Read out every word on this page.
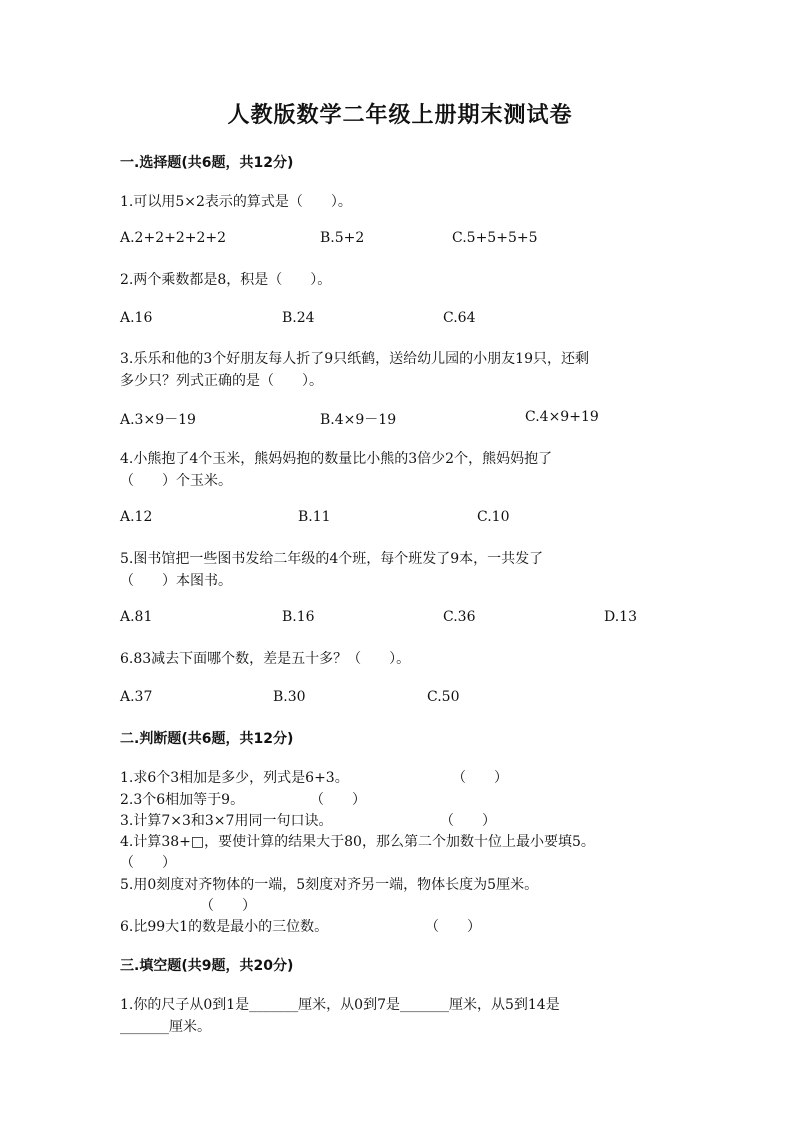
人教版数学二年级上册期末测试卷
一.选择题(共6题，共12分)
1.可以用5×2表示的算式是（　　）。
A.2+2+2+2+2	B.5+2	C.5+5+5+5
2.两个乘数都是8，积是（　　）。
A.16	B.24	C.64
3.乐乐和他的3个好朋友每人折了9只纸鹤，送给幼儿园的小朋友19只，还剩
多少只？列式正确的是（　　）。
A.3×9－19	B.4×9－19	C.4×9+19
4.小熊抱了4个玉米，熊妈妈抱的数量比小熊的3倍少2个，熊妈妈抱了
（　　）个玉米。
A.12	B.11	C.10
5.图书馆把一些图书发给二年级的4个班，每个班发了9本，一共发了
（　　）本图书。
A.81	B.16	C.36	D.13
6.83减去下面哪个数，差是五十多？（　　）。
A.37	B.30	C.50
二.判断题(共6题，共12分)
1.求6个3相加是多少，列式是6+3。	（　　）
2.3个6相加等于9。	（　　）
3.计算7×3和3×7用同一句口诀。	（　　）
4.计算38+□，要使计算的结果大于80，那么第二个加数十位上最小要填5。
（　　）
5.用0刻度对齐物体的一端，5刻度对齐另一端，物体长度为5厘米。
（　　）
6.比99大1的数是最小的三位数。	（　　）
三.填空题(共9题，共20分)
1.你的尺子从0到1是_______厘米，从0到7是_______厘米，从5到14是
_______厘米。
